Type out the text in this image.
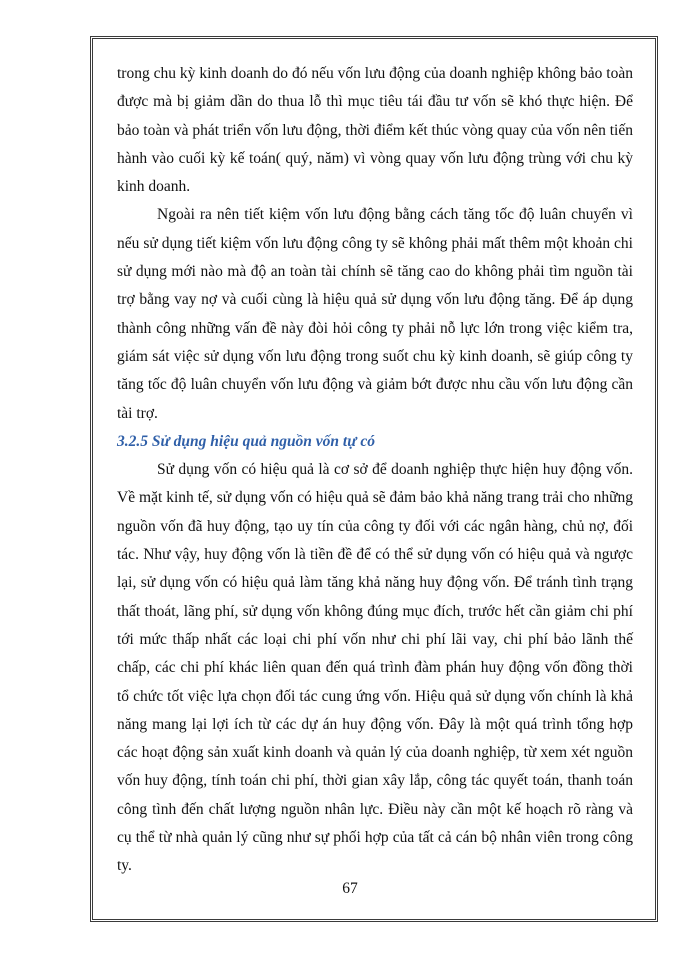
trong chu kỳ kinh doanh do đó nếu vốn lưu động của doanh nghiệp không bảo toàn được mà bị giảm dần do thua lỗ thì mục tiêu tái đầu tư vốn sẽ khó thực hiện. Để bảo toàn và phát triển vốn lưu động, thời điểm kết thúc vòng quay của vốn nên tiến hành vào cuối kỳ kế toán( quý, năm) vì vòng quay vốn lưu động trùng với chu kỳ kinh doanh.

Ngoài ra nên tiết kiệm vốn lưu động bằng cách tăng tốc độ luân chuyển vì nếu sử dụng tiết kiệm vốn lưu động công ty sẽ không phải mất thêm một khoản chi sử dụng mới nào mà độ an toàn tài chính sẽ tăng cao do không phải tìm nguồn tài trợ bằng vay nợ và cuối cùng là hiệu quả sử dụng vốn lưu động tăng. Để áp dụng thành công những vấn đề này đòi hỏi công ty phải nỗ lực lớn trong việc kiểm tra, giám sát việc sử dụng vốn lưu động trong suốt chu kỳ kinh doanh, sẽ giúp công ty tăng tốc độ luân chuyển vốn lưu động và giảm bớt được nhu cầu vốn lưu động cần tài trợ.

3.2.5 Sử dụng hiệu quả nguồn vốn tự có

Sử dụng vốn có hiệu quả là cơ sở để doanh nghiệp thực hiện huy động vốn. Về mặt kinh tế, sử dụng vốn có hiệu quả sẽ đảm bảo khả năng trang trải cho những nguồn vốn đã huy động, tạo uy tín của công ty đối với các ngân hàng, chủ nợ, đối tác. Như vậy, huy động vốn là tiền đề để có thể sử dụng vốn có hiệu quả và ngược lại, sử dụng vốn có hiệu quả làm tăng khả năng huy động vốn. Để tránh tình trạng thất thoát, lãng phí, sử dụng vốn không đúng mục đích, trước hết cần giảm chi phí tới mức thấp nhất các loại chi phí vốn như chi phí lãi vay, chi phí bảo lãnh thế chấp, các chi phí khác liên quan đến quá trình đàm phán huy động vốn đồng thời tổ chức tốt việc lựa chọn đối tác cung ứng vốn. Hiệu quả sử dụng vốn chính là khả năng mang lại lợi ích từ các dự án huy động vốn. Đây là một quá trình tổng hợp các hoạt động sản xuất kinh doanh và quản lý của doanh nghiệp, từ xem xét nguồn vốn huy động, tính toán chi phí, thời gian xây lắp, công tác quyết toán, thanh toán công tình đến chất lượng nguồn nhân lực. Điều này cần một kế hoạch rõ ràng và cụ thể từ nhà quản lý cũng như sự phối hợp của tất cả cán bộ nhân viên trong công ty.

67
